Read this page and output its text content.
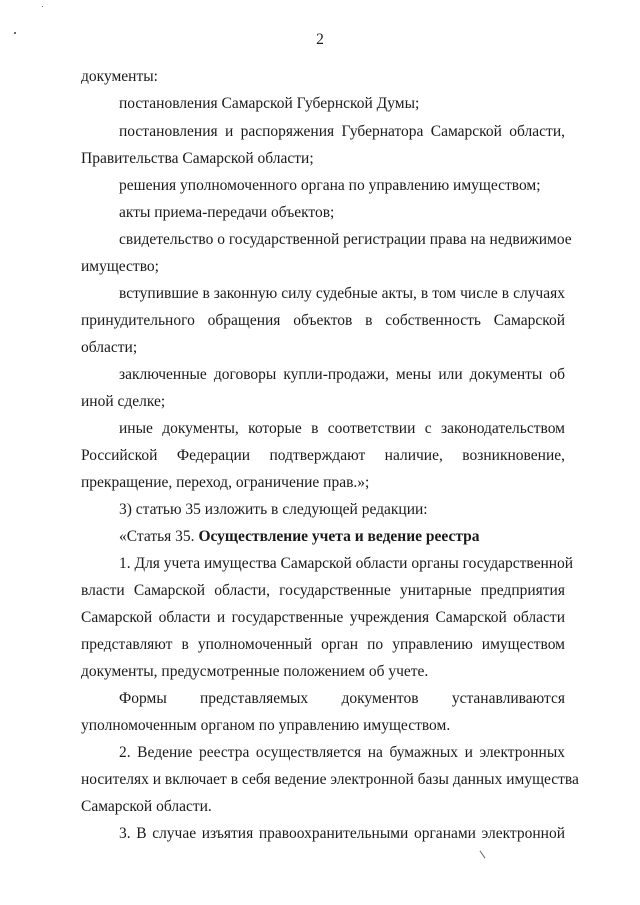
2
документы:
постановления Самарской Губернской Думы;
постановления и распоряжения Губернатора Самарской области,
Правительства Самарской области;
решения уполномоченного органа по управлению имуществом;
акты приема-передачи объектов;
свидетельство о государственной регистрации права на недвижимое
имущество;
вступившие в законную силу судебные акты, в том числе в случаях
принудительного обращения объектов в собственность Самарской
области;
заключенные договоры купли-продажи, мены или документы об
иной сделке;
иные документы, которые в соответствии с законодательством
Российской Федерации подтверждают наличие, возникновение,
прекращение, переход, ограничение прав.»;
3) статью 35 изложить в следующей редакции:
«Статья 35. Осуществление учета и ведение реестра
1. Для учета имущества Самарской области органы государственной
власти Самарской области, государственные унитарные предприятия
Самарской области и государственные учреждения Самарской области
представляют в уполномоченный орган по управлению имуществом
документы, предусмотренные положением об учете.
Формы представляемых документов устанавливаются
уполномоченным органом по управлению имуществом.
2. Ведение реестра осуществляется на бумажных и электронных
носителях и включает в себя ведение электронной базы данных имущества
Самарской области.
3. В случае изъятия правоохранительными органами электронной
